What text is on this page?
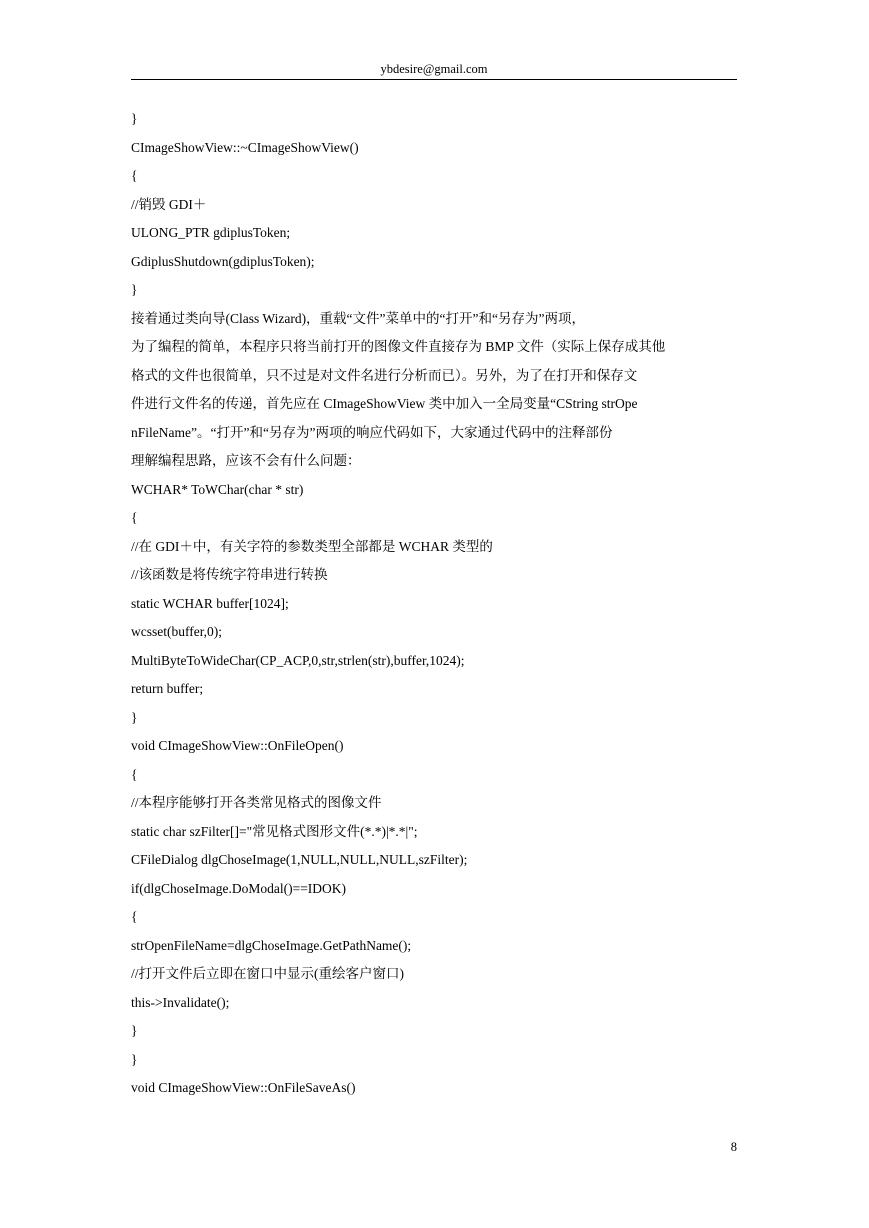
ybdesire@gmail.com
}
CImageShowView::~CImageShowView()
{
//销毁 GDI＋
ULONG_PTR gdiplusToken;
GdiplusShutdown(gdiplusToken);
}
接着通过类向导(Class Wizard)，重载“文件”菜单中的“打开”和“另存为”两项，
为了编程的简单，本程序只将当前打开的图像文件直接存为 BMP 文件（实际上保存成其他
格式的文件也很简单，只不过是对文件名进行分析而已）。另外，为了在打开和保存文
件进行文件名的传递，首先应在 CImageShowView 类中加入一全局变量“CString strOpe
nFileName”。“打开”和“另存为”两项的响应代码如下，大家通过代码中的注释部份
理解编程思路，应该不会有什么问题：
WCHAR* ToWChar(char * str)
{
//在 GDI＋中，有关字符的参数类型全部都是 WCHAR 类型的
//该函数是将传统字符串进行转换
static WCHAR buffer[1024];
wcsset(buffer,0);
MultiByteToWideChar(CP_ACP,0,str,strlen(str),buffer,1024);
return buffer;
}
void CImageShowView::OnFileOpen()
{
//本程序能够打开各类常见格式的图像文件
static char szFilter[]="常见格式图形文件(*.*)|*.*|";
CFileDialog dlgChoseImage(1,NULL,NULL,NULL,szFilter);
if(dlgChoseImage.DoModal()==IDOK)
{
strOpenFileName=dlgChoseImage.GetPathName();
//打开文件后立即在窗口中显示(重绘客户窗口)
this->Invalidate();
}
}
void CImageShowView::OnFileSaveAs()
8
